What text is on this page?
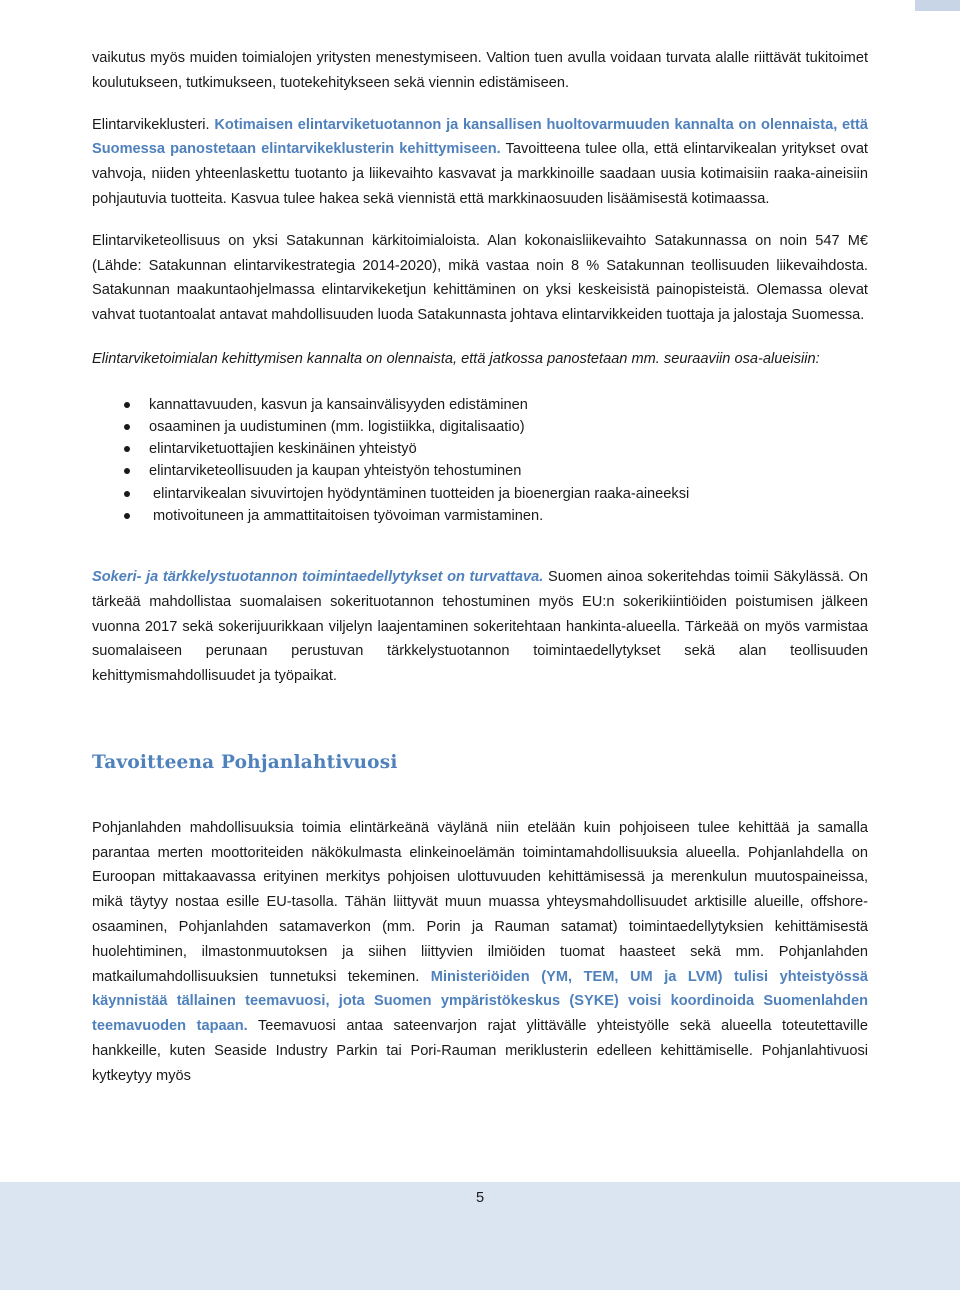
vaikutus myös muiden toimialojen yritysten menestymiseen. Valtion tuen avulla voidaan turvata alalle riittävät tukitoimet koulutukseen, tutkimukseen, tuotekehitykseen sekä viennin edistämiseen.

Elintarvikeklusteri. Kotimaisen elintarviketuotannon ja kansallisen huoltovarmuuden kannalta on olennaista, että Suomessa panostetaan elintarvikeklusterin kehittymiseen. Tavoitteena tulee olla, että elintarvikealan yritykset ovat vahvoja, niiden yhteenlaskettu tuotanto ja liikevaihto kasvavat ja markkinoille saadaan uusia kotimaisiin raaka-aineisiin pohjautuvia tuotteita. Kasvua tulee hakea sekä viennistä että markkinaosuuden lisäämisestä kotimaassa.

Elintarviketeollisuus on yksi Satakunnan kärkitoimialoista. Alan kokonaisliikevaihto Satakunnassa on noin 547 M€ (Lähde: Satakunnan elintarvikestrategia 2014-2020), mikä vastaa noin 8 % Satakunnan teollisuuden liikevaihdosta. Satakunnan maakuntaohjelmassa elintarvikeketjun kehittäminen on yksi keskeisistä painopisteistä. Olemassa olevat vahvat tuotantoalat antavat mahdollisuuden luoda Satakunnasta johtava elintarvikkeiden tuottaja ja jalostaja Suomessa.

Elintarviketoimialan kehittymisen kannalta on olennaista, että jatkossa panostetaan mm. seuraaviin osa-alueisiin:

kannattavuuden, kasvun ja kansainvälisyyden edistäminen
osaaminen ja uudistuminen (mm. logistiikka, digitalisaatio)
elintarviketuottajien keskinäinen yhteistyö
elintarviketeollisuuden ja kaupan yhteistyön tehostuminen
elintarvikealan sivuvirtojen hyödyntäminen tuotteiden ja bioenergian raaka-aineeksi
motivoituneen ja ammattitaitoisen työvoiman varmistaminen.

Sokeri- ja tärkkelystuotannon toimintaedellytykset on turvattava. Suomen ainoa sokeritehdas toimii Säkylässä. On tärkeää mahdollistaa suomalaisen sokerituotannon tehostuminen myös EU:n sokerikiintiöiden poistumisen jälkeen vuonna 2017 sekä sokerijuurikkaan viljelyn laajentaminen sokeritehtaan hankinta-alueella. Tärkeää on myös varmistaa suomalaiseen perunaan perustuvan tärkkelystuotannon toimintaedellytykset sekä alan teollisuuden kehittymismahdollisuudet ja työpaikat.

Tavoitteena Pohjanlahtivuosi

Pohjanlahden mahdollisuuksia toimia elintärkeänä väylänä niin etelään kuin pohjoiseen tulee kehittää ja samalla parantaa merten moottoriteiden näkökulmasta elinkeinoelämän toimintamahdollisuuksia alueella. Pohjanlahdella on Euroopan mittakaavassa erityinen merkitys pohjoisen ulottuvuuden kehittämisessä ja merenkulun muutospaineissa, mikä täytyy nostaa esille EU-tasolla. Tähän liittyvät muun muassa yhteysmahdollisuudet arktisille alueille, offshore-osaaminen, Pohjanlahden satamaverkon (mm. Porin ja Rauman satamat) toimintaedellytyksien kehittämisestä huolehtiminen, ilmastonmuutoksen ja siihen liittyvien ilmiöiden tuomat haasteet sekä mm. Pohjanlahden matkailumahdollisuuksien tunnetuksi tekeminen. Ministeriöiden (YM, TEM, UM ja LVM) tulisi yhteistyössä käynnistää tällainen teemavuosi, jota Suomen ympäristökeskus (SYKE) voisi koordinoida Suomenlahden teemavuoden tapaan. Teemavuosi antaa sateenvarjon rajat ylittävälle yhteistyölle sekä alueella toteutettaville hankkeille, kuten Seaside Industry Parkin tai Pori-Rauman meriklusterin edelleen kehittämiselle. Pohjanlahtivuosi kytkeytyy myös

5
